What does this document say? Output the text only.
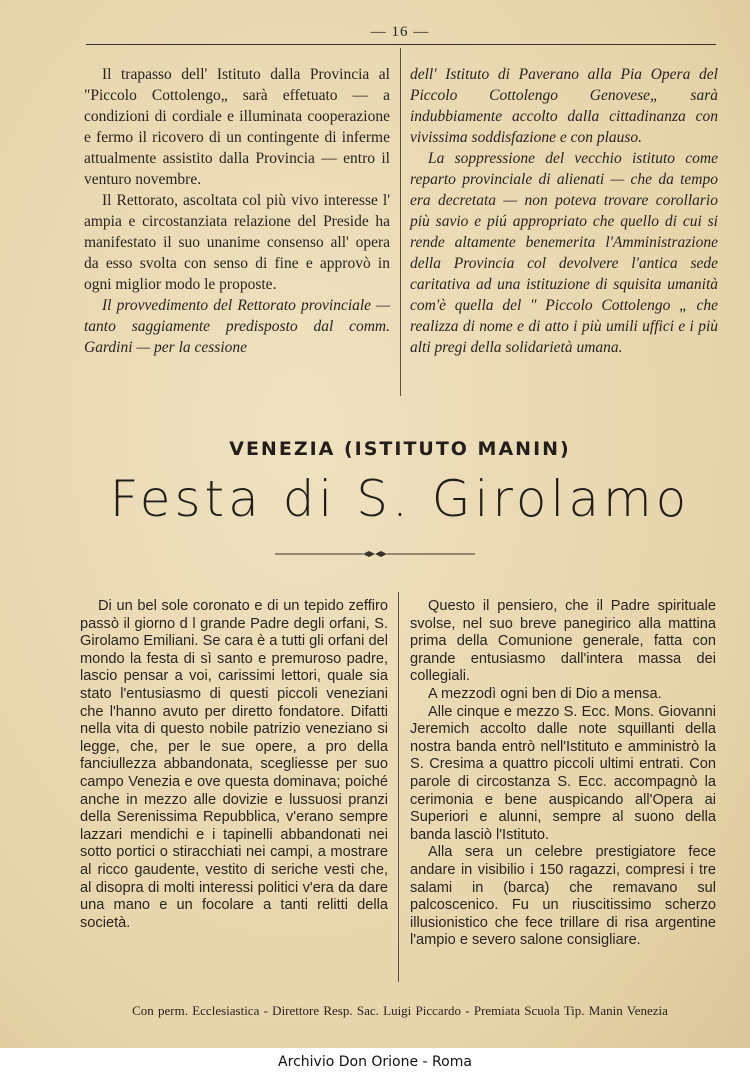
— 16 —

Il trapasso dell' Istituto dalla Provincia al "Piccolo Cottolengo„ sarà effetuato — a condizioni di cordiale e illuminata cooperazione e fermo il ricovero di un contingente di inferme attualmente assistito dalla Provincia — entro il venturo novembre.

Il Rettorato, ascoltata col più vivo interesse l' ampia e circostanziata relazione del Preside ha manifestato il suo unanime consenso all' opera da esso svolta con senso di fine e approvò in ogni miglior modo le proposte.

Il provvedimento del Rettorato provinciale — tanto saggiamente predisposto dal comm. Gardini — per la cessione

dell' Istituto di Paverano alla Pia Opera del Piccolo Cottolengo Genovese„ sarà indubbiamente accolto dalla cittadinanza con vivissima soddisfazione e con plauso.

La soppressione del vecchio istituto come reparto provinciale di alienati — che da tempo era decretata — non poteva trovare corollario più savio e piú appropriato che quello di cui si rende altamente benemerita l'Amministrazione della Provincia col devolvere l'antica sede caritativa ad una istituzione di squisita umanità com'è quella del " Piccolo Cottolengo „ che realizza di nome e di atto i più umili uffici e i più alti pregi della solidarietà umana.

VENEZIA (ISTITUTO MANIN)
Festa di S. Girolamo

Di un bel sole coronato e di un tepido zeffiro passò il giorno d l grande Padre degli orfani, S. Girolamo Emiliani. Se cara è a tutti gli orfani del mondo la festa di sì santo e premuroso padre, lascio pensar a voi, carissimi lettori, quale sia stato l'entusiasmo di questi piccoli veneziani che l'hanno avuto per diretto fondatore. Difatti nella vita di questo nobile patrizio veneziano si legge, che, per le sue opere, a pro della fanciullezza abbandonata, scegliesse per suo campo Venezia e ove questa dominava; poiché anche in mezzo alle dovizie e lussuosi pranzi della Serenissima Repubblica, v'erano sempre lazzari mendichi e i tapinelli abbandonati nei sotto portici o stiracchiati nei campi, a mostrare al ricco gaudente, vestito di seriche vesti che, al disopra di molti interessi politici v'era da dare una mano e un focolare a tanti relitti della società.

Questo il pensiero, che il Padre spirituale svolse, nel suo breve panegirico alla mattina prima della Comunione generale, fatta con grande entusiasmo dall'intera massa dei collegiali.

A mezzodì ogni ben di Dio a mensa.

Alle cinque e mezzo S. Ecc. Mons. Giovanni Jeremich accolto dalle note squillanti della nostra banda entrò nell'Istituto e amministrò la S. Cresima a quattro piccoli ultimi entrati. Con parole di circostanza S. Ecc. accompagnò la cerimonia e bene auspicando all'Opera ai Superiori e alunni, sempre al suono della banda lasciò l'Istituto.

Alla sera un celebre prestigiatore fece andare in visibilio i 150 ragazzi, compresi i tre salami in (barca) che remavano sul palcoscenico. Fu un riuscitissimo scherzo illusionistico che fece trillare di risa argentine l'ampio e severo salone consigliare.

Con perm. Ecclesiastica - Direttore Resp. Sac. Luigi Piccardo - Premiata Scuola Tip. Manin Venezia
Archivio Don Orione - Roma
